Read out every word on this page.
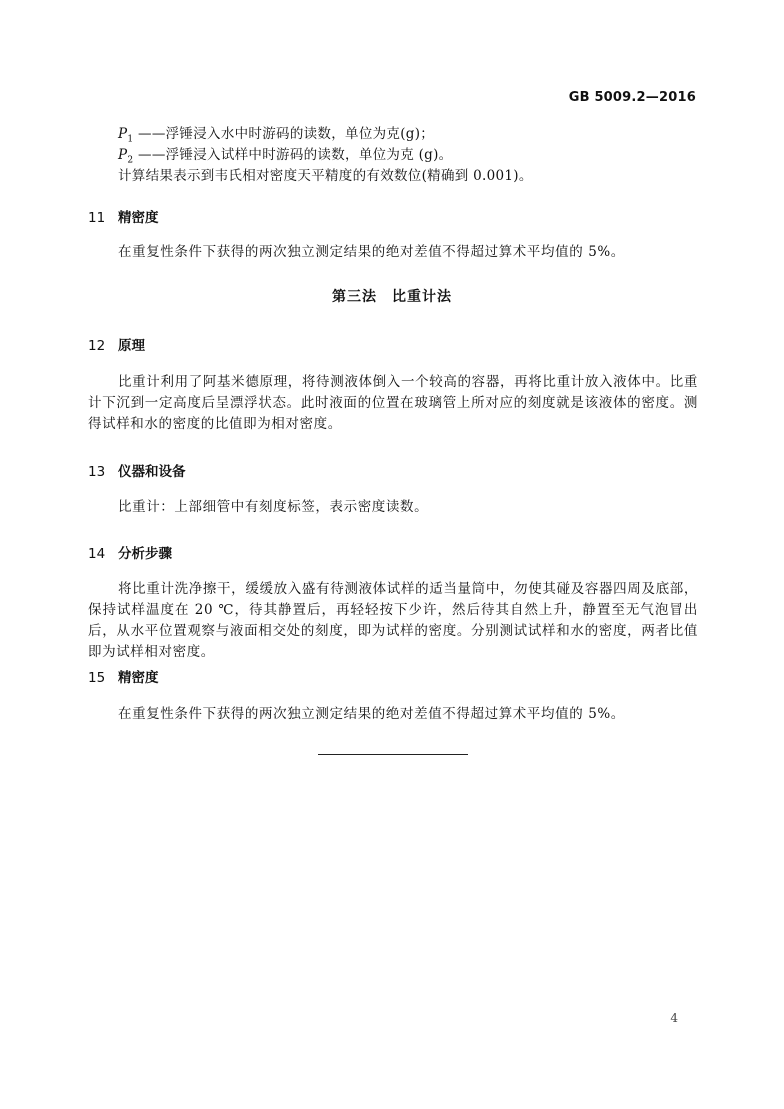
GB 5009.2—2016
$P_1$ ——浮锤浸入水中时游码的读数，单位为克(g)；
$P_2$ ——浮锤浸入试样中时游码的读数，单位为克 (g)。
计算结果表示到韦氏相对密度天平精度的有效数位(精确到 0.001)。
11 精密度
在重复性条件下获得的两次独立测定结果的绝对差值不得超过算术平均值的 5%。
第三法　比重计法
12 原理
比重计利用了阿基米德原理，将待测液体倒入一个较高的容器，再将比重计放入液体中。比重计下沉到一定高度后呈漂浮状态。此时液面的位置在玻璃管上所对应的刻度就是该液体的密度。测得试样和水的密度的比值即为相对密度。
13 仪器和设备
比重计：上部细管中有刻度标签，表示密度读数。
14 分析步骤
将比重计洗净擦干，缓缓放入盛有待测液体试样的适当量筒中，勿使其碰及容器四周及底部，保持试样温度在 20 ℃，待其静置后，再轻轻按下少许，然后待其自然上升，静置至无气泡冒出后，从水平位置观察与液面相交处的刻度，即为试样的密度。分别测试试样和水的密度，两者比值即为试样相对密度。
15 精密度
在重复性条件下获得的两次独立测定结果的绝对差值不得超过算术平均值的 5%。
4
